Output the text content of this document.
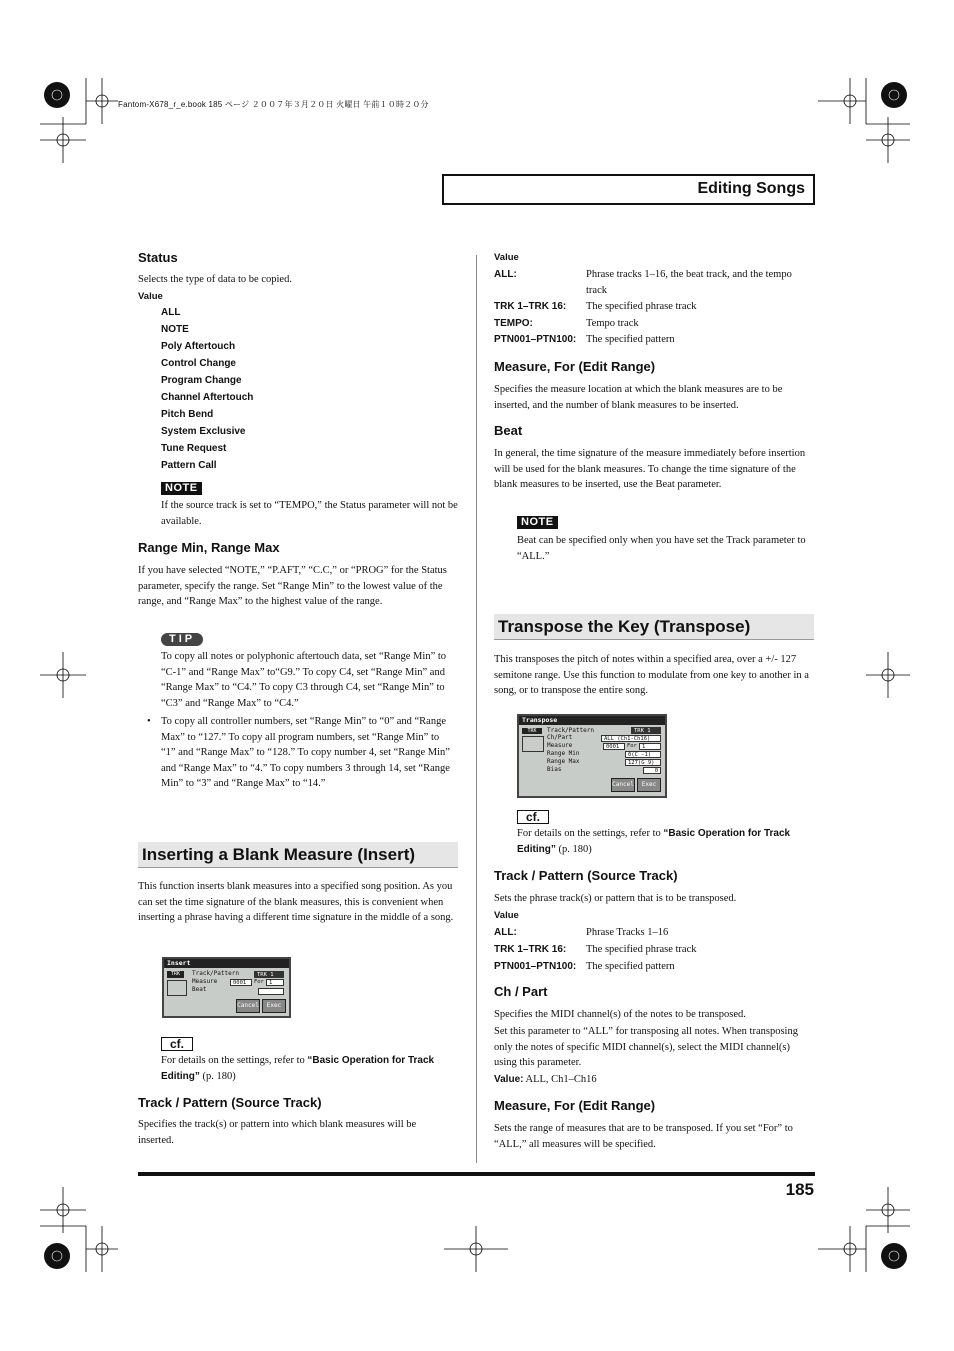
Fantom-X678_r_e.book 185 ページ ２００７年３月２０日 火曜日 午前１０時２０分
Editing Songs
Status
Selects the type of data to be copied.
Value
ALL
NOTE
Poly Aftertouch
Control Change
Program Change
Channel Aftertouch
Pitch Bend
System Exclusive
Tune Request
Pattern Call
NOTE
If the source track is set to “TEMPO,” the Status parameter will not be available.
Range Min, Range Max
If you have selected “NOTE,” “P.AFT,” “C.C,” or “PROG” for the Status parameter, specify the range. Set “Range Min” to the lowest value of the range, and “Range Max” to the highest value of the range.
TIP
To copy all notes or polyphonic aftertouch data, set “Range Min” to “C-1” and “Range Max” to“G9.” To copy C4, set “Range Min” and “Range Max” to “C4.” To copy C3 through C4, set “Range Min” to “C3” and “Range Max” to “C4.”
• To copy all controller numbers, set “Range Min” to “0” and “Range Max” to “127.” To copy all program numbers, set “Range Min” to “1” and “Range Max” to “128.” To copy number 4, set “Range Min” and “Range Max” to “4.” To copy numbers 3 through 14, set “Range Min” to “3” and “Range Max” to “14.”
Inserting a Blank Measure (Insert)
This function inserts blank measures into a specified song position. As you can set the time signature of the blank measures, this is convenient when inserting a phrase having a different time signature in the middle of a song.
Insert
TRK	Track/Pattern
Measure
Beat
TRK 1
0001	For 1
Cancel	Exec
cf.
For details on the settings, refer to “Basic Operation for Track Editing” (p. 180)
Track / Pattern (Source Track)
Specifies the track(s) or pattern into which blank measures will be inserted.
Value
ALL:	Phrase tracks 1–16, the beat track, and the tempo track
TRK 1–TRK 16:	The specified phrase track
TEMPO:	Tempo track
PTN001–PTN100: The specified pattern
Measure, For (Edit Range)
Specifies the measure location at which the blank measures are to be inserted, and the number of blank measures to be inserted.
Beat
In general, the time signature of the measure immediately before insertion will be used for the blank measures. To change the time signature of the blank measures to be inserted, use the Beat parameter.
NOTE
Beat can be specified only when you have set the Track parameter to “ALL.”
Transpose the Key (Transpose)
This transposes the pitch of notes within a specified area, over a +/- 127 semitone range. Use this function to modulate from one key to another in a song, or to transpose the entire song.
Transpose
TRK	Track/Pattern
Ch/Part
Measure
Range Min
Range Max
Bias
TRK 1
ALL (Ch1-Ch16)
0001	For 1
0(C -1)
127(G 9)
0
Cancel	Exec
cf.
For details on the settings, refer to “Basic Operation for Track Editing” (p. 180)
Track / Pattern (Source Track)
Sets the phrase track(s) or pattern that is to be transposed.
Value
ALL:	Phrase Tracks 1–16
TRK 1–TRK 16:	The specified phrase track
PTN001–PTN100: The specified pattern
Ch / Part
Specifies the MIDI channel(s) of the notes to be transposed.
Set this parameter to “ALL” for transposing all notes. When transposing only the notes of specific MIDI channel(s), select the MIDI channel(s) using this parameter.
Value: ALL, Ch1–Ch16
Measure, For (Edit Range)
Sets the range of measures that are to be transposed. If you set “For” to “ALL,” all measures will be specified.
185
